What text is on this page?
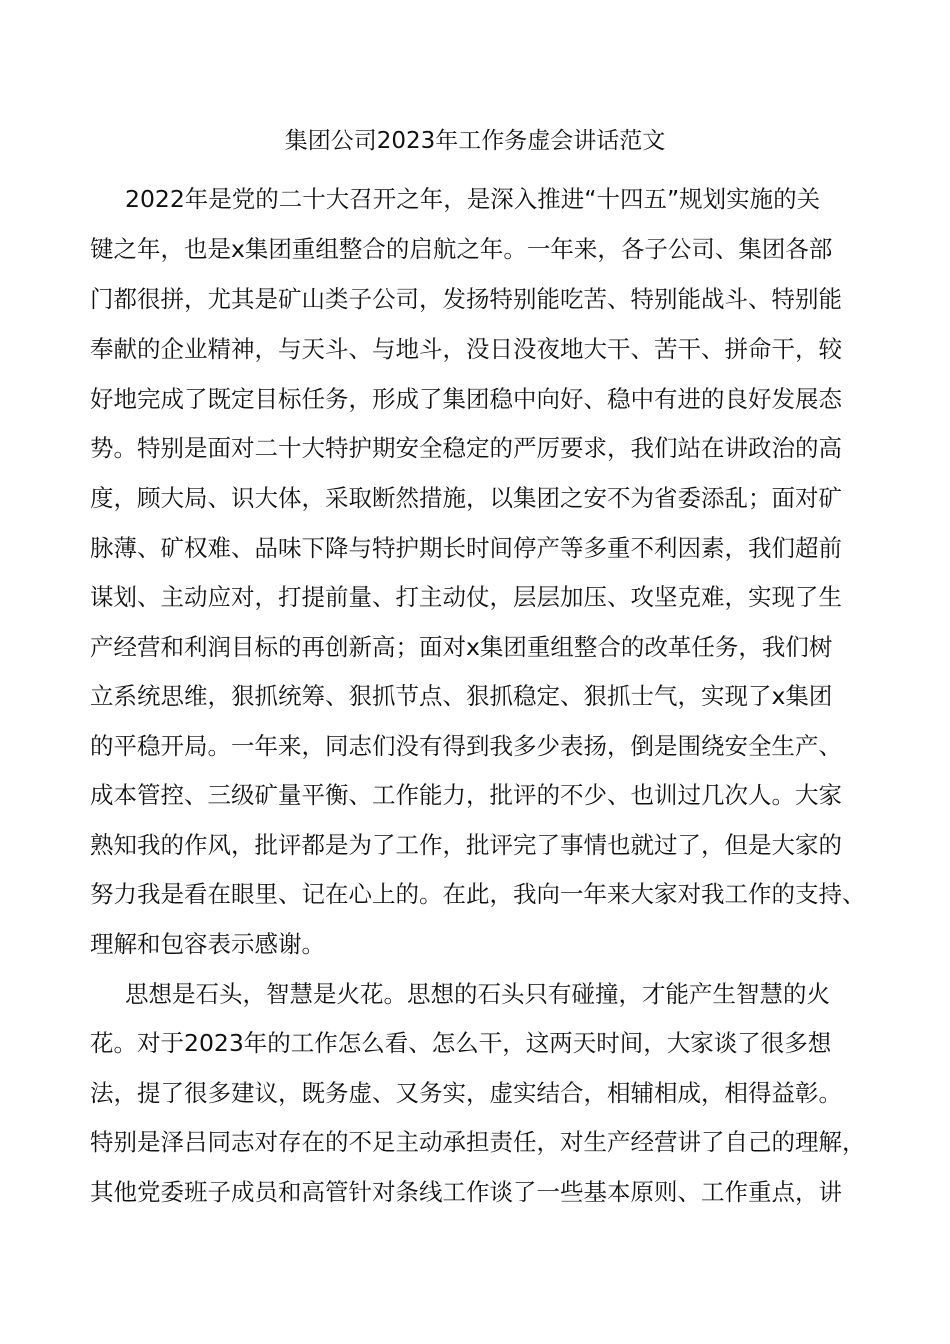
集团公司2023年工作务虚会讲话范文

2022年是党的二十大召开之年，是深入推进“十四五”规划实施的关

键之年，也是x集团重组整合的启航之年。一年来，各子公司、集团各部

门都很拼，尤其是矿山类子公司，发扬特别能吃苦、特别能战斗、特别能

奉献的企业精神，与天斗、与地斗，没日没夜地大干、苦干、拼命干，较

好地完成了既定目标任务，形成了集团稳中向好、稳中有进的良好发展态

势。特别是面对二十大特护期安全稳定的严厉要求，我们站在讲政治的高

度，顾大局、识大体，采取断然措施，以集团之安不为省委添乱；面对矿

脉薄、矿权难、品味下降与特护期长时间停产等多重不利因素，我们超前

谋划、主动应对，打提前量、打主动仗，层层加压、攻坚克难，实现了生

产经营和利润目标的再创新高；面对x集团重组整合的改革任务，我们树

立系统思维，狠抓统筹、狠抓节点、狠抓稳定、狠抓士气，实现了x集团

的平稳开局。一年来，同志们没有得到我多少表扬，倒是围绕安全生产、

成本管控、三级矿量平衡、工作能力，批评的不少、也训过几次人。大家

熟知我的作风，批评都是为了工作，批评完了事情也就过了，但是大家的

努力我是看在眼里、记在心上的。在此，我向一年来大家对我工作的支持、

理解和包容表示感谢。

思想是石头，智慧是火花。思想的石头只有碰撞，才能产生智慧的火

花。对于2023年的工作怎么看、怎么干，这两天时间，大家谈了很多想

法，提了很多建议，既务虚、又务实，虚实结合，相辅相成，相得益彰。

特别是泽吕同志对存在的不足主动承担责任，对生产经营讲了自己的理解，

其他党委班子成员和高管针对条线工作谈了一些基本原则、工作重点，讲
